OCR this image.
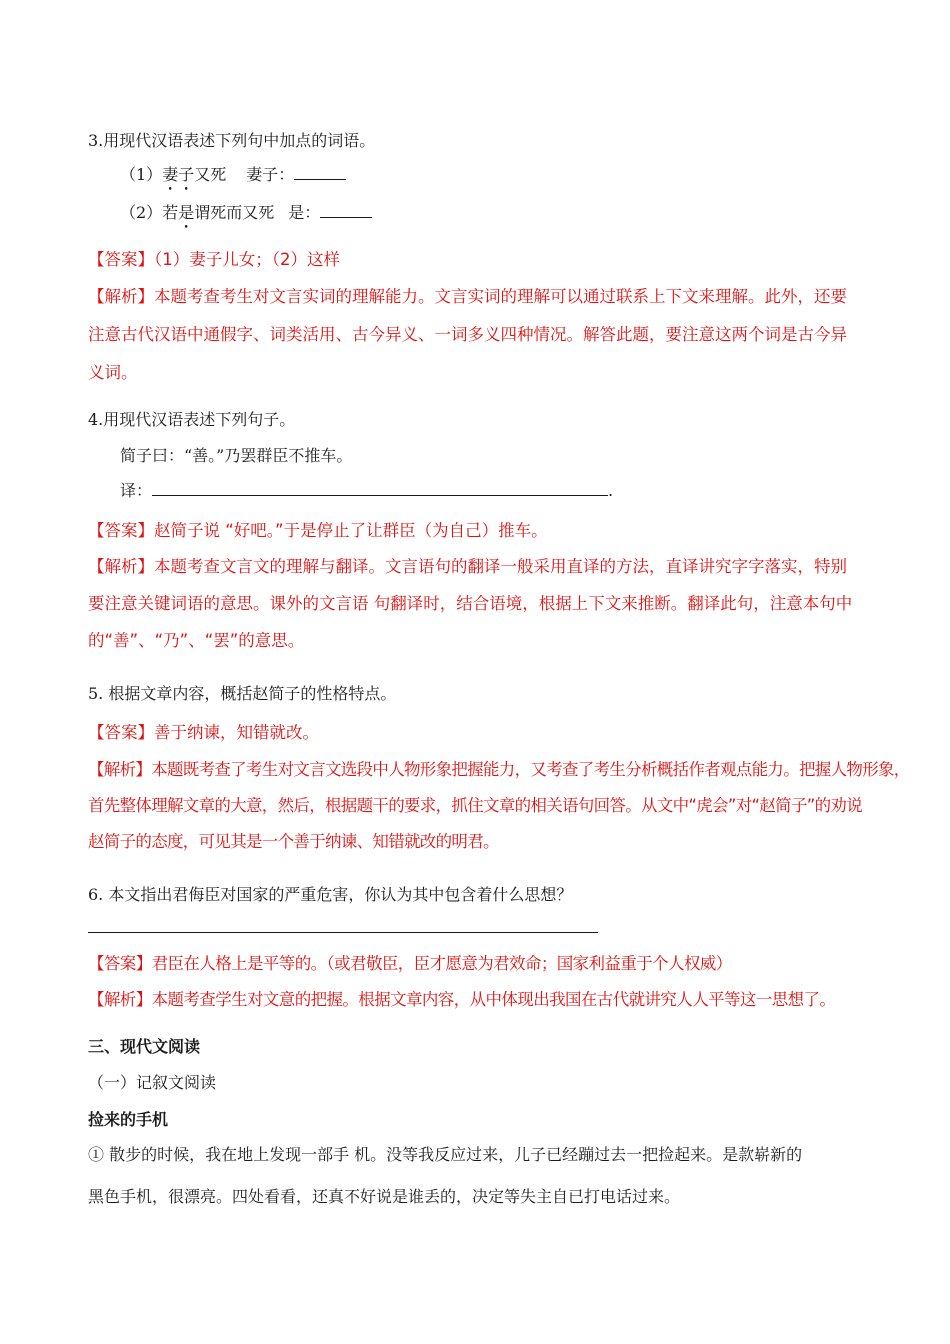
3.用现代汉语表述下列句中加点的词语。
（1）妻子又死 妻子：
（2）若是谓死而又死 是：
【答案】（1）妻子儿女；（2）这样
【解析】本题考查考生对文言实词的理解能力。文言实词的理解可以通过联系上下文来理解。此外，还要
注意古代汉语中通假字、词类活用、古今异义、一词多义四种情况。解答此题，要注意这两个词是古今异
义词。
4.用现代汉语表述下列句子。
简子曰：“善。”乃罢群臣不推车。
译：	.
【答案】赵简子说 “好吧。”于是停止了让群臣（为自己）推车。
【解析】本题考查文言文的理解与翻译。文言语句的翻译一般采用直译的方法，直译讲究字字落实，特别
要注意关键词语的意思。课外的文言语 句翻译时，结合语境，根据上下文来推断。翻译此句，注意本句中
的“善”、“乃”、“罢”的意思。
5. 根据文章内容，概括赵简子的性格特点。
【答案】善于纳谏，知错就改。
【解析】本题既考查了考生对文言文选段中人物形象把握能力，又考查了考生分析概括作者观点能力。把握人物形象，
首先整体理解文章的大意，然后，根据题干的要求，抓住文章的相关语句回答。从文中“虎会”对“赵简子”的劝说
赵简子的态度，可见其是一个善于纳谏、知错就改的明君。
6. 本文指出君侮臣对国家的严重危害，你认为其中包含着什么思想？
【答案】君臣在人格上是平等的。（或君敬臣，臣才愿意为君效命；国家利益重于个人权威）
【解析】本题考查学生对文意的把握。根据文章内容，从中体现出我国在古代就讲究人人平等这一思想了。
三、现代文阅读
（一）记叙文阅读
捡来的手机
① 散步的时候，我在地上发现一部手 机。没等我反应过来，儿子已经蹦过去一把捡起来。是款崭新的
黑色手机，很漂亮。四处看看，还真不好说是谁丢的，决定等失主自已打电话过来。
